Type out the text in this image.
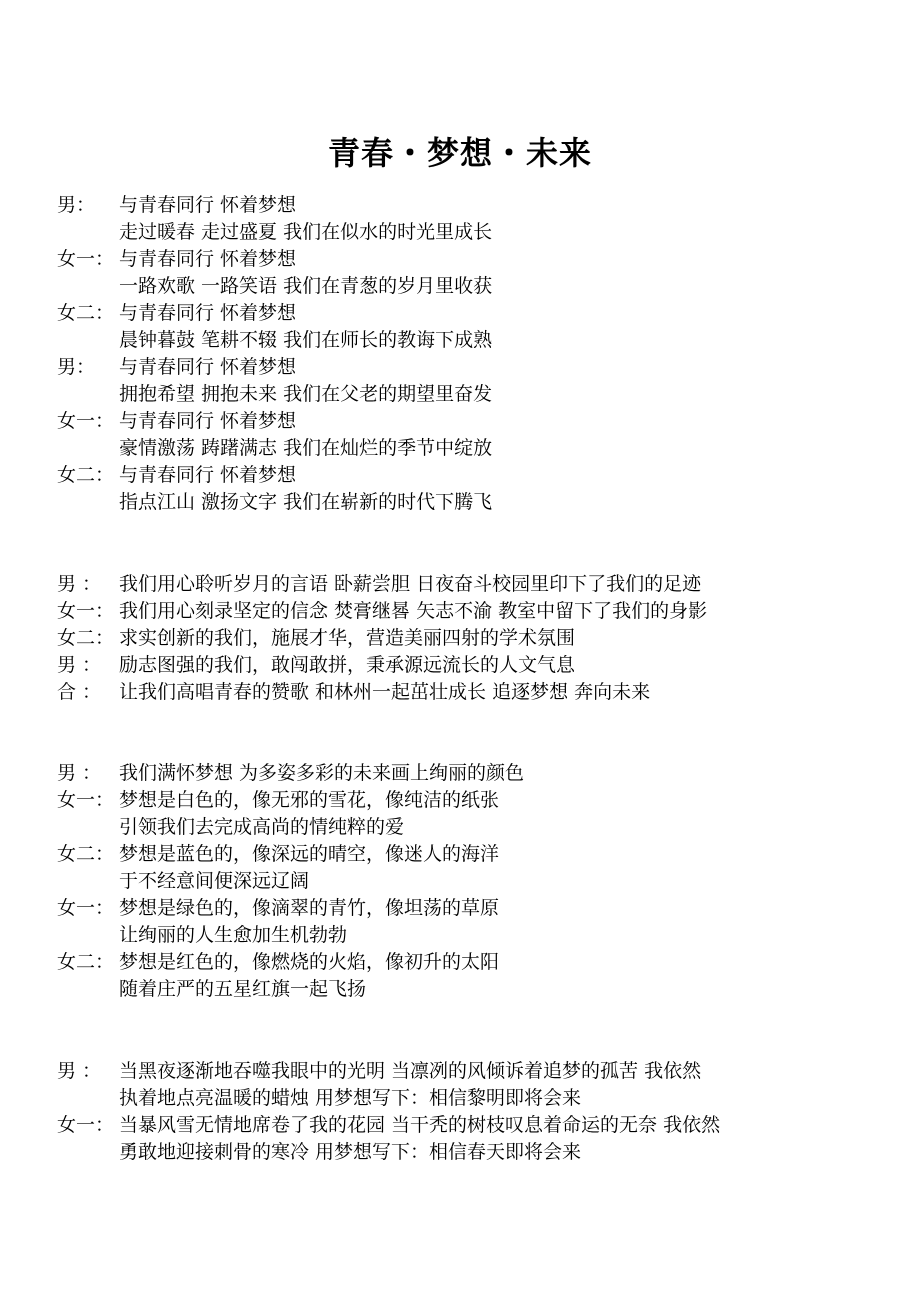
青春・梦想・未来
男：	与青春同行 怀着梦想
走过暖春 走过盛夏 我们在似水的时光里成长
女一： 与青春同行 怀着梦想
一路欢歌 一路笑语 我们在青葱的岁月里收获
女二： 与青春同行 怀着梦想
晨钟暮鼓 笔耕不辍 我们在师长的教诲下成熟
男：	与青春同行 怀着梦想
拥抱希望 拥抱未来 我们在父老的期望里奋发
女一： 与青春同行 怀着梦想
豪情激荡 踌躇满志 我们在灿烂的季节中绽放
女二： 与青春同行 怀着梦想
指点江山 激扬文字 我们在崭新的时代下腾飞
男 ： 我们用心聆听岁月的言语 卧薪尝胆 日夜奋斗校园里印下了我们的足迹
女一： 我们用心刻录坚定的信念 焚膏继晷 矢志不渝 教室中留下了我们的身影
女二： 求实创新的我们，施展才华，营造美丽四射的学术氛围
男 ： 励志图强的我们，敢闯敢拼，秉承源远流长的人文气息
合 ： 让我们高唱青春的赞歌 和林州一起茁壮成长 追逐梦想 奔向未来
男 ： 我们满怀梦想 为多姿多彩的未来画上绚丽的颜色
女一： 梦想是白色的，像无邪的雪花，像纯洁的纸张
引领我们去完成高尚的情纯粹的爱
女二： 梦想是蓝色的，像深远的晴空，像迷人的海洋
于不经意间便深远辽阔
女一： 梦想是绿色的，像滴翠的青竹，像坦荡的草原
让绚丽的人生愈加生机勃勃
女二： 梦想是红色的，像燃烧的火焰，像初升的太阳
随着庄严的五星红旗一起飞扬
男 ： 当黑夜逐渐地吞噬我眼中的光明 当凛冽的风倾诉着追梦的孤苦 我依然
执着地点亮温暖的蜡烛 用梦想写下：相信黎明即将会来
女一： 当暴风雪无情地席卷了我的花园 当干秃的树枝叹息着命运的无奈 我依然
勇敢地迎接刺骨的寒冷 用梦想写下：相信春天即将会来
